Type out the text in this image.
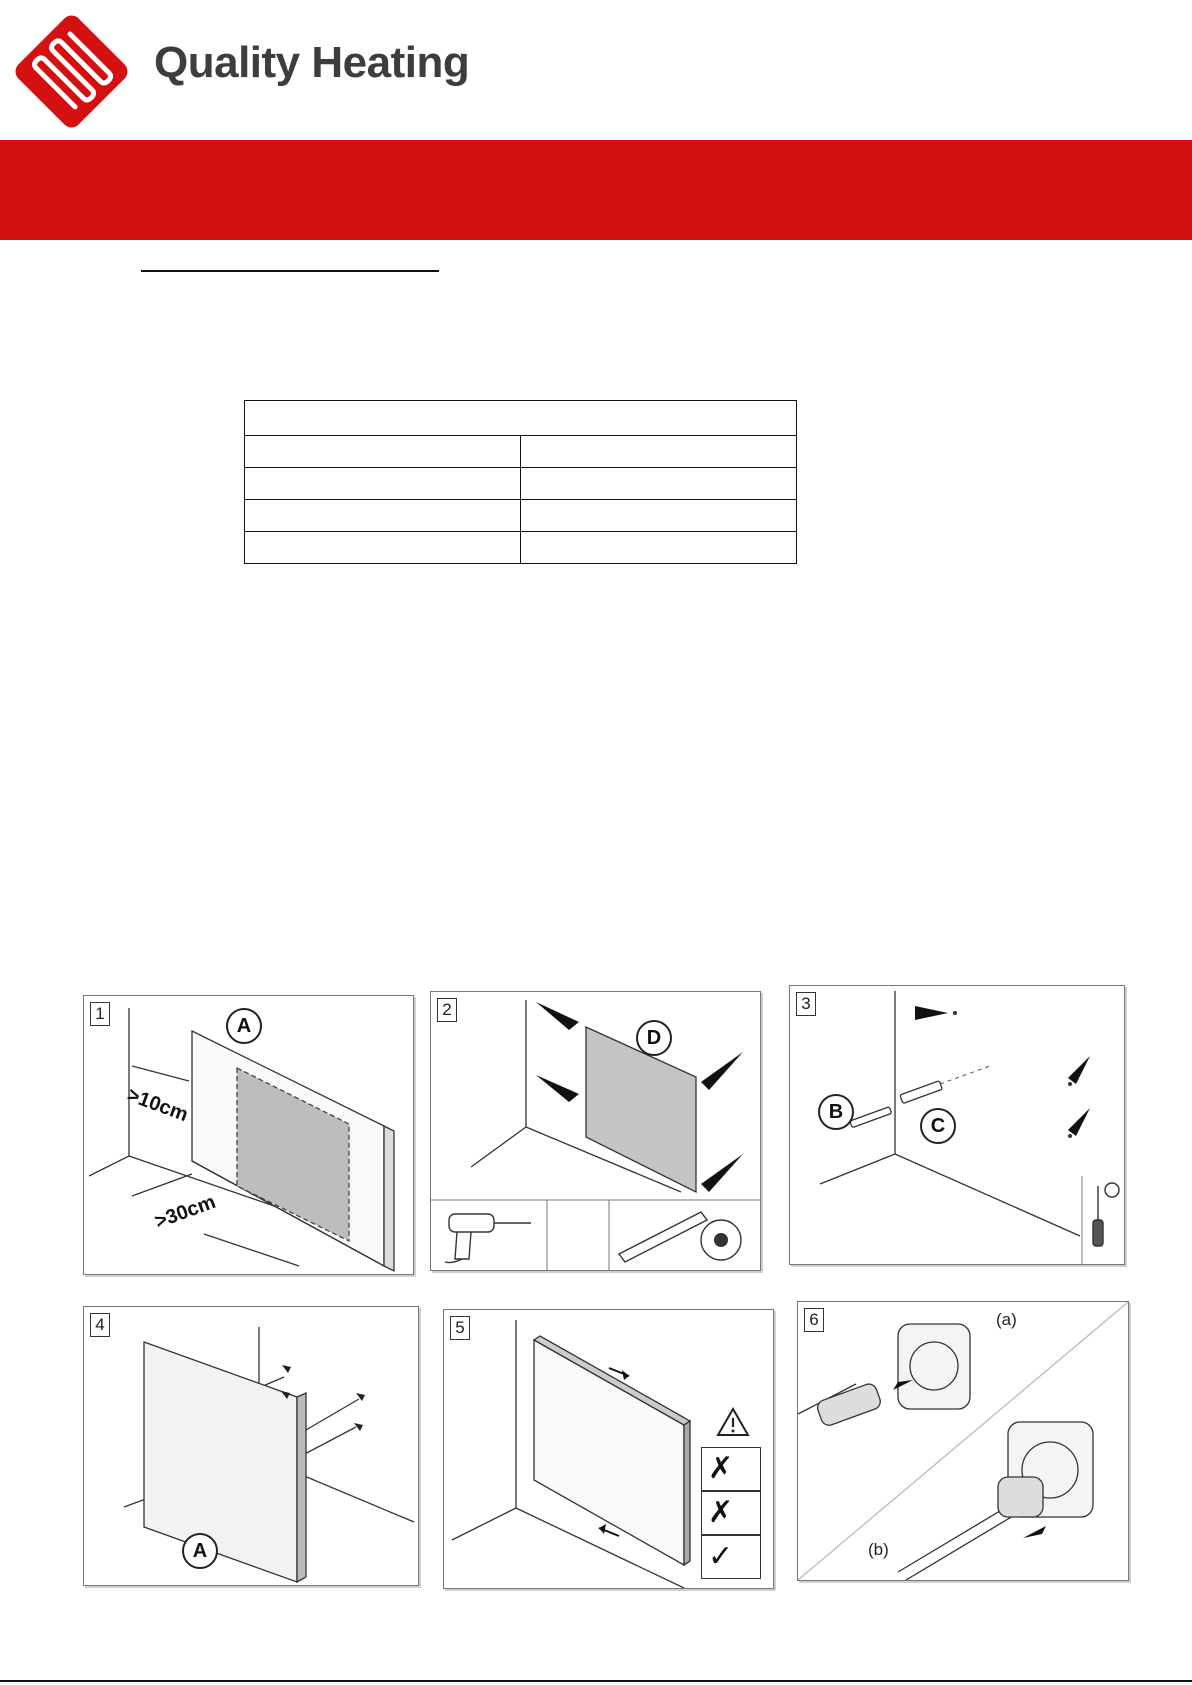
Quality Heating

1
A
>10cm
>30cm
2
D
3
B
C
4
A
5
✗
✗
✓
6	(a)
(b)
